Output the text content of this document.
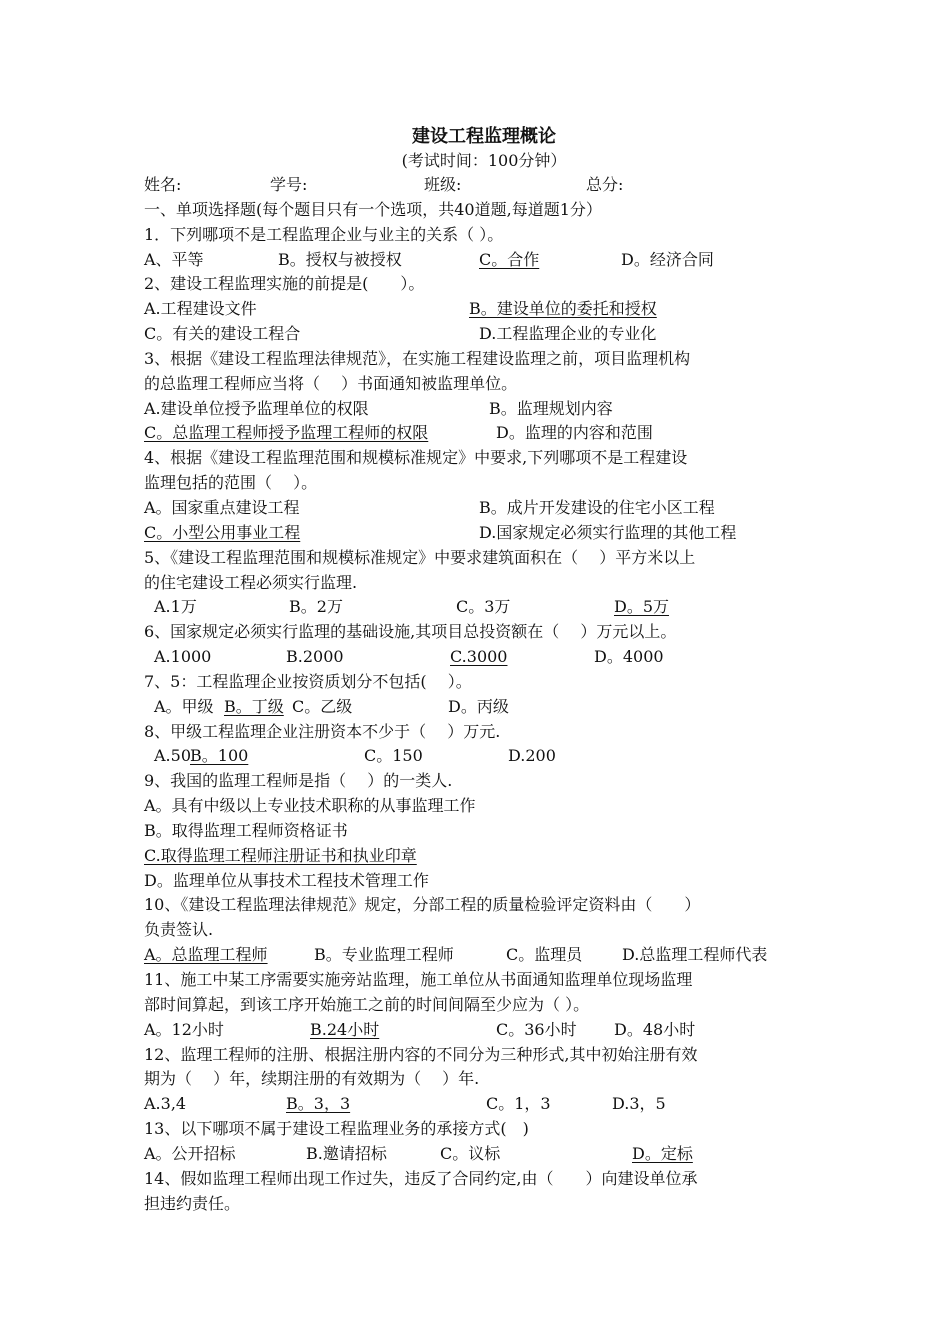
建设工程监理概论
(考试时间：100分钟）
姓名:	学号:	班级:	总分:
一、单项选择题(每个题目只有一个选项，共40道题,每道题1分）
1．下列哪项不是工程监理企业与业主的关系（ ）。
A、平等	B。授权与被授权	C。合作	D。经济合同
2、建设工程监理实施的前提是(　　）。
A.工程建设文件	B。建设单位的委托和授权
C。有关的建设工程合	D.工程监理企业的专业化
3、根据《建设工程监理法律规范》，在实施工程建设监理之前，项目监理机构
的总监理工程师应当将（　 ）书面通知被监理单位。
A.建设单位授予监理单位的权限	B。监理规划内容
C。总监理工程师授予监理工程师的权限	D。监理的内容和范围
4、根据《建设工程监理范围和规模标准规定》中要求,下列哪项不是工程建设
监理包括的范围（　 ）。
A。国家重点建设工程	B。成片开发建设的住宅小区工程
C。小型公用事业工程	D.国家规定必须实行监理的其他工程
5、《建设工程监理范围和规模标准规定》中要求建筑面积在（　 ）平方米以上
的住宅建设工程必须实行监理.
A.1万	B。2万	C。3万	D。5万
6、国家规定必须实行监理的基础设施,其项目总投资额在（　 ）万元以上。
A.1000	B.2000	C.3000	D。4000
7、5：工程监理企业按资质划分不包括(　 ）。
A。甲级 B。丁级 C。乙级	D。丙级
8、甲级工程监理企业注册资本不少于（　 ）万元.
A.50 B。100	C。150	D.200
9、我国的监理工程师是指（　 ）的一类人.
A。具有中级以上专业技术职称的从事监理工作
B。取得监理工程师资格证书
C.取得监理工程师注册证书和执业印章
D。监理单位从事技术工程技术管理工作
10、《建设工程监理法律规范》规定，分部工程的质量检验评定资料由（　　）
负责签认.
A。总监理工程师	B。专业监理工程师	C。监理员 D.总监理工程师代表
11、施工中某工序需要实施旁站监理，施工单位从书面通知监理单位现场监理
部时间算起，到该工序开始施工之前的时间间隔至少应为（ ）。
A。12小时	B.24小时	C。36小时 D。48小时
12、监理工程师的注册、根据注册内容的不同分为三种形式,其中初始注册有效
期为（　 ）年，续期注册的有效期为（　 ）年.
A.3,4	B。3，3	C。1，3	D.3，5
13、以下哪项不属于建设工程监理业务的承接方式(　)
A。公开招标	B.邀请招标	C。议标	D。定标
14、假如监理工程师出现工作过失，违反了合同约定,由（　　）向建设单位承
担违约责任。
